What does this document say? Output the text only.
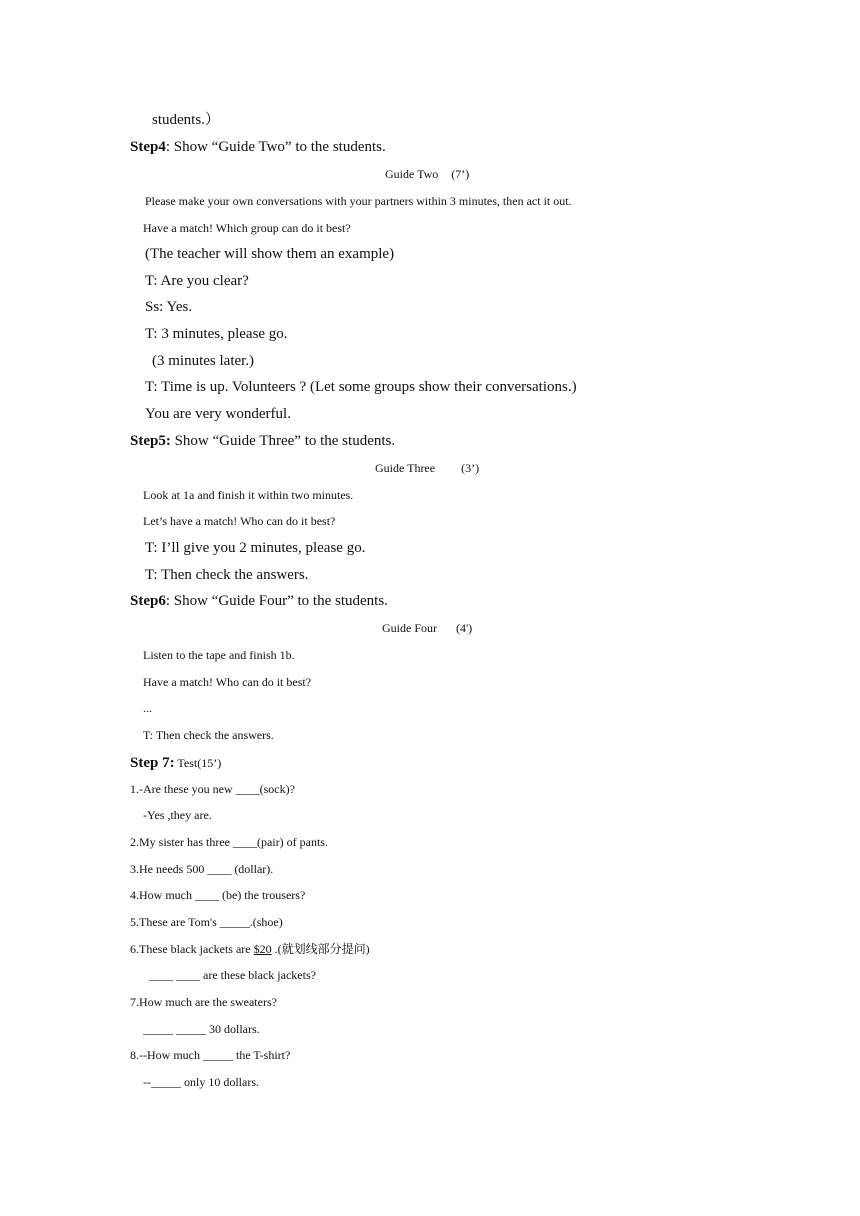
students.）
Step4: Show “Guide Two” to the students.
Guide Two (7’)
Please make your own conversations with your partners within 3 minutes, then act it out.
Have a match! Which group can do it best?
(The teacher will show them an example)
T: Are you clear?
Ss: Yes.
T: 3 minutes, please go.
(3 minutes later.)
T: Time is up. Volunteers ? (Let some groups show their conversations.)
You are very wonderful.
Step5: Show “Guide Three” to the students.
Guide Three (3’)
Look at 1a and finish it within two minutes.
Let’s have a match! Who can do it best?
T: I’ll give you 2 minutes, please go.
T: Then check the answers.
Step6: Show “Guide Four” to the students.
Guide Four (4')
Listen to the tape and finish 1b.
Have a match! Who can do it best?
...
T: Then check the answers.
Step 7: Test(15’)
1.-Are these you new ____(sock)?
-Yes ,they are.
2.My sister has three ____(pair) of pants.
3.He needs 500 ____ (dollar).
4.How much ____ (be) the trousers?
5.These are Tom's _____.(shoe)
6.These black jackets are $20 .(就划线部分提问)
____ ____ are these black jackets?
7.How much are the sweaters?
_____ _____ 30 dollars.
8.--How much _____ the T-shirt?
--_____ only 10 dollars.
